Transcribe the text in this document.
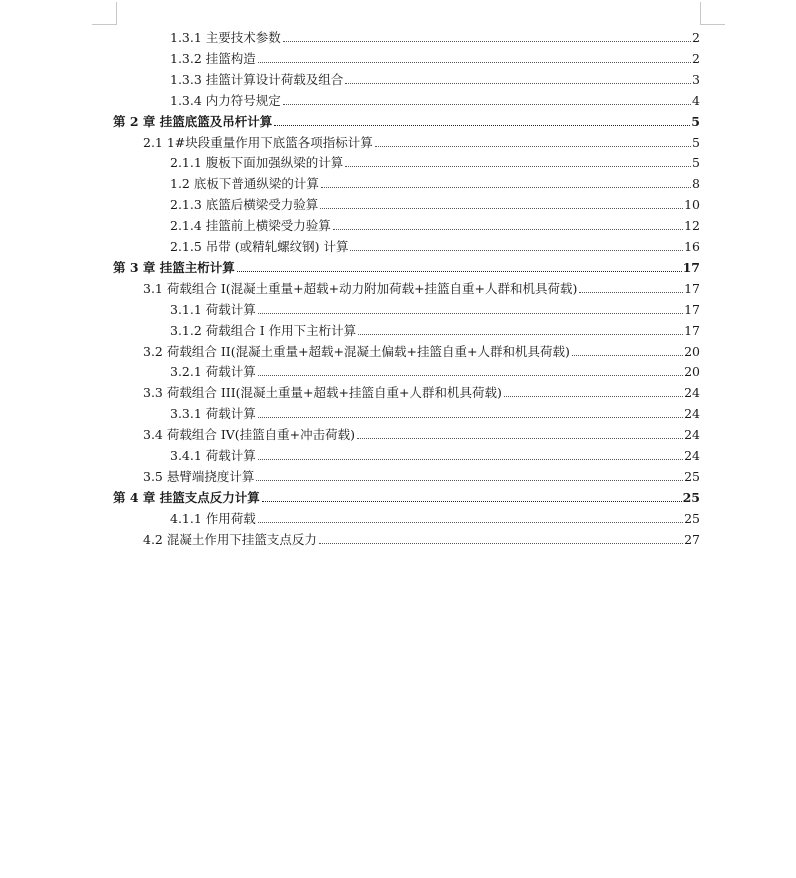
1.3.1 主要技术参数	2
1.3.2 挂篮构造	2
1.3.3 挂篮计算设计荷载及组合	3
1.3.4 内力符号规定	4
第 2 章 挂篮底篮及吊杆计算	5
2.1 1#块段重量作用下底篮各项指标计算	5
2.1.1 腹板下面加强纵梁的计算	5
1.2 底板下普通纵梁的计算	8
2.1.3 底篮后横梁受力验算	10
2.1.4 挂篮前上横梁受力验算	12
2.1.5 吊带 (或精轧螺纹钢) 计算	16
第 3 章 挂篮主桁计算	17
3.1 荷载组合 I(混凝土重量+超载+动力附加荷载+挂篮自重+人群和机具荷载)	17
3.1.1 荷载计算	17
3.1.2 荷载组合 I 作用下主桁计算	17
3.2 荷载组合 II(混凝土重量+超载+混凝土偏载+挂篮自重+人群和机具荷载)	20
3.2.1 荷载计算	20
3.3 荷载组合 III(混凝土重量+超载+挂篮自重+人群和机具荷载)	24
3.3.1 荷载计算	24
3.4 荷载组合 IV(挂篮自重+冲击荷载)	24
3.4.1 荷载计算	24
3.5 悬臂端挠度计算	25
第 4 章 挂篮支点反力计算	25
4.1.1 作用荷载	25
4.2 混凝土作用下挂篮支点反力	27
